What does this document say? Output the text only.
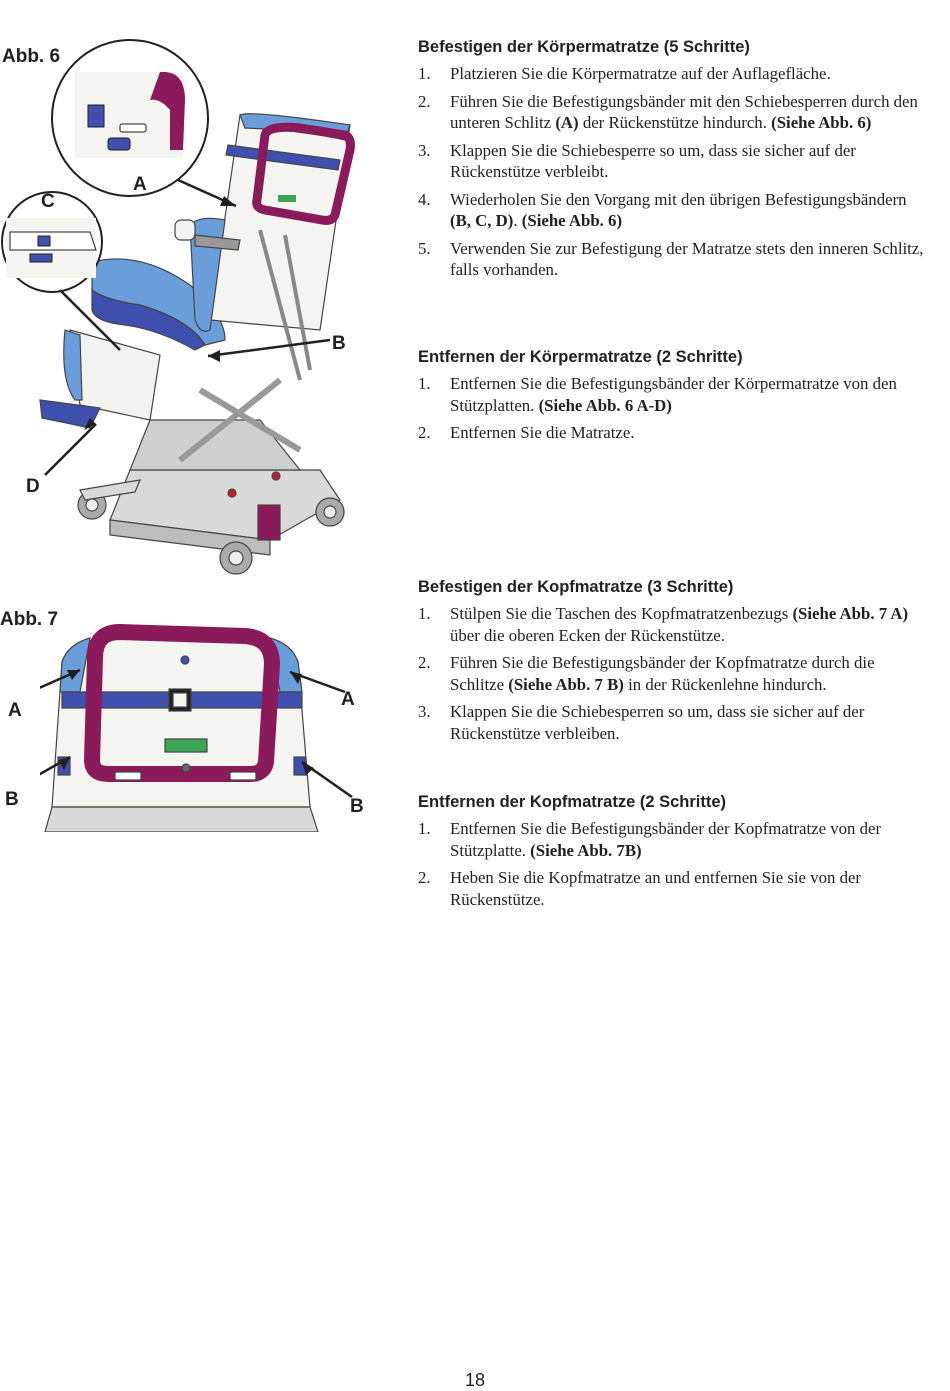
Abb. 6
A
C
B
D
Abb. 7
A
A
B	B
Befestigen der Körpermatratze (5 Schritte)
1. Platzieren Sie die Körpermatratze auf der Auflagefläche.
2. Führen Sie die Befestigungsbänder mit den Schiebesperren durch den unteren Schlitz (A) der Rückenstütze hindurch. (Siehe Abb. 6)
3. Klappen Sie die Schiebesperre so um, dass sie sicher auf der Rückenstütze verbleibt.
4. Wiederholen Sie den Vorgang mit den übrigen Befestigungsbändern (B, C, D). (Siehe Abb. 6)
5. Verwenden Sie zur Befestigung der Matratze stets den inneren Schlitz, falls vorhanden.
Entfernen der Körpermatratze (2 Schritte)
1. Entfernen Sie die Befestigungsbänder der Körpermatratze von den Stützplatten. (Siehe Abb. 6 A-D)
2. Entfernen Sie die Matratze.
Befestigen der Kopfmatratze (3 Schritte)
1. Stülpen Sie die Taschen des Kopfmatratzenbezugs (Siehe Abb. 7 A) über die oberen Ecken der Rückenstütze.
2. Führen Sie die Befestigungsbänder der Kopfmatratze durch die Schlitze (Siehe Abb. 7 B) in der Rückenlehne hindurch.
3. Klappen Sie die Schiebesperren so um, dass sie sicher auf der Rückenstütze verbleiben.
Entfernen der Kopfmatratze (2 Schritte)
1. Entfernen Sie die Befestigungsbänder der Kopfmatratze von der Stützplatte. (Siehe Abb. 7B)
2. Heben Sie die Kopfmatratze an und entfernen Sie sie von der Rückenstütze.
18
